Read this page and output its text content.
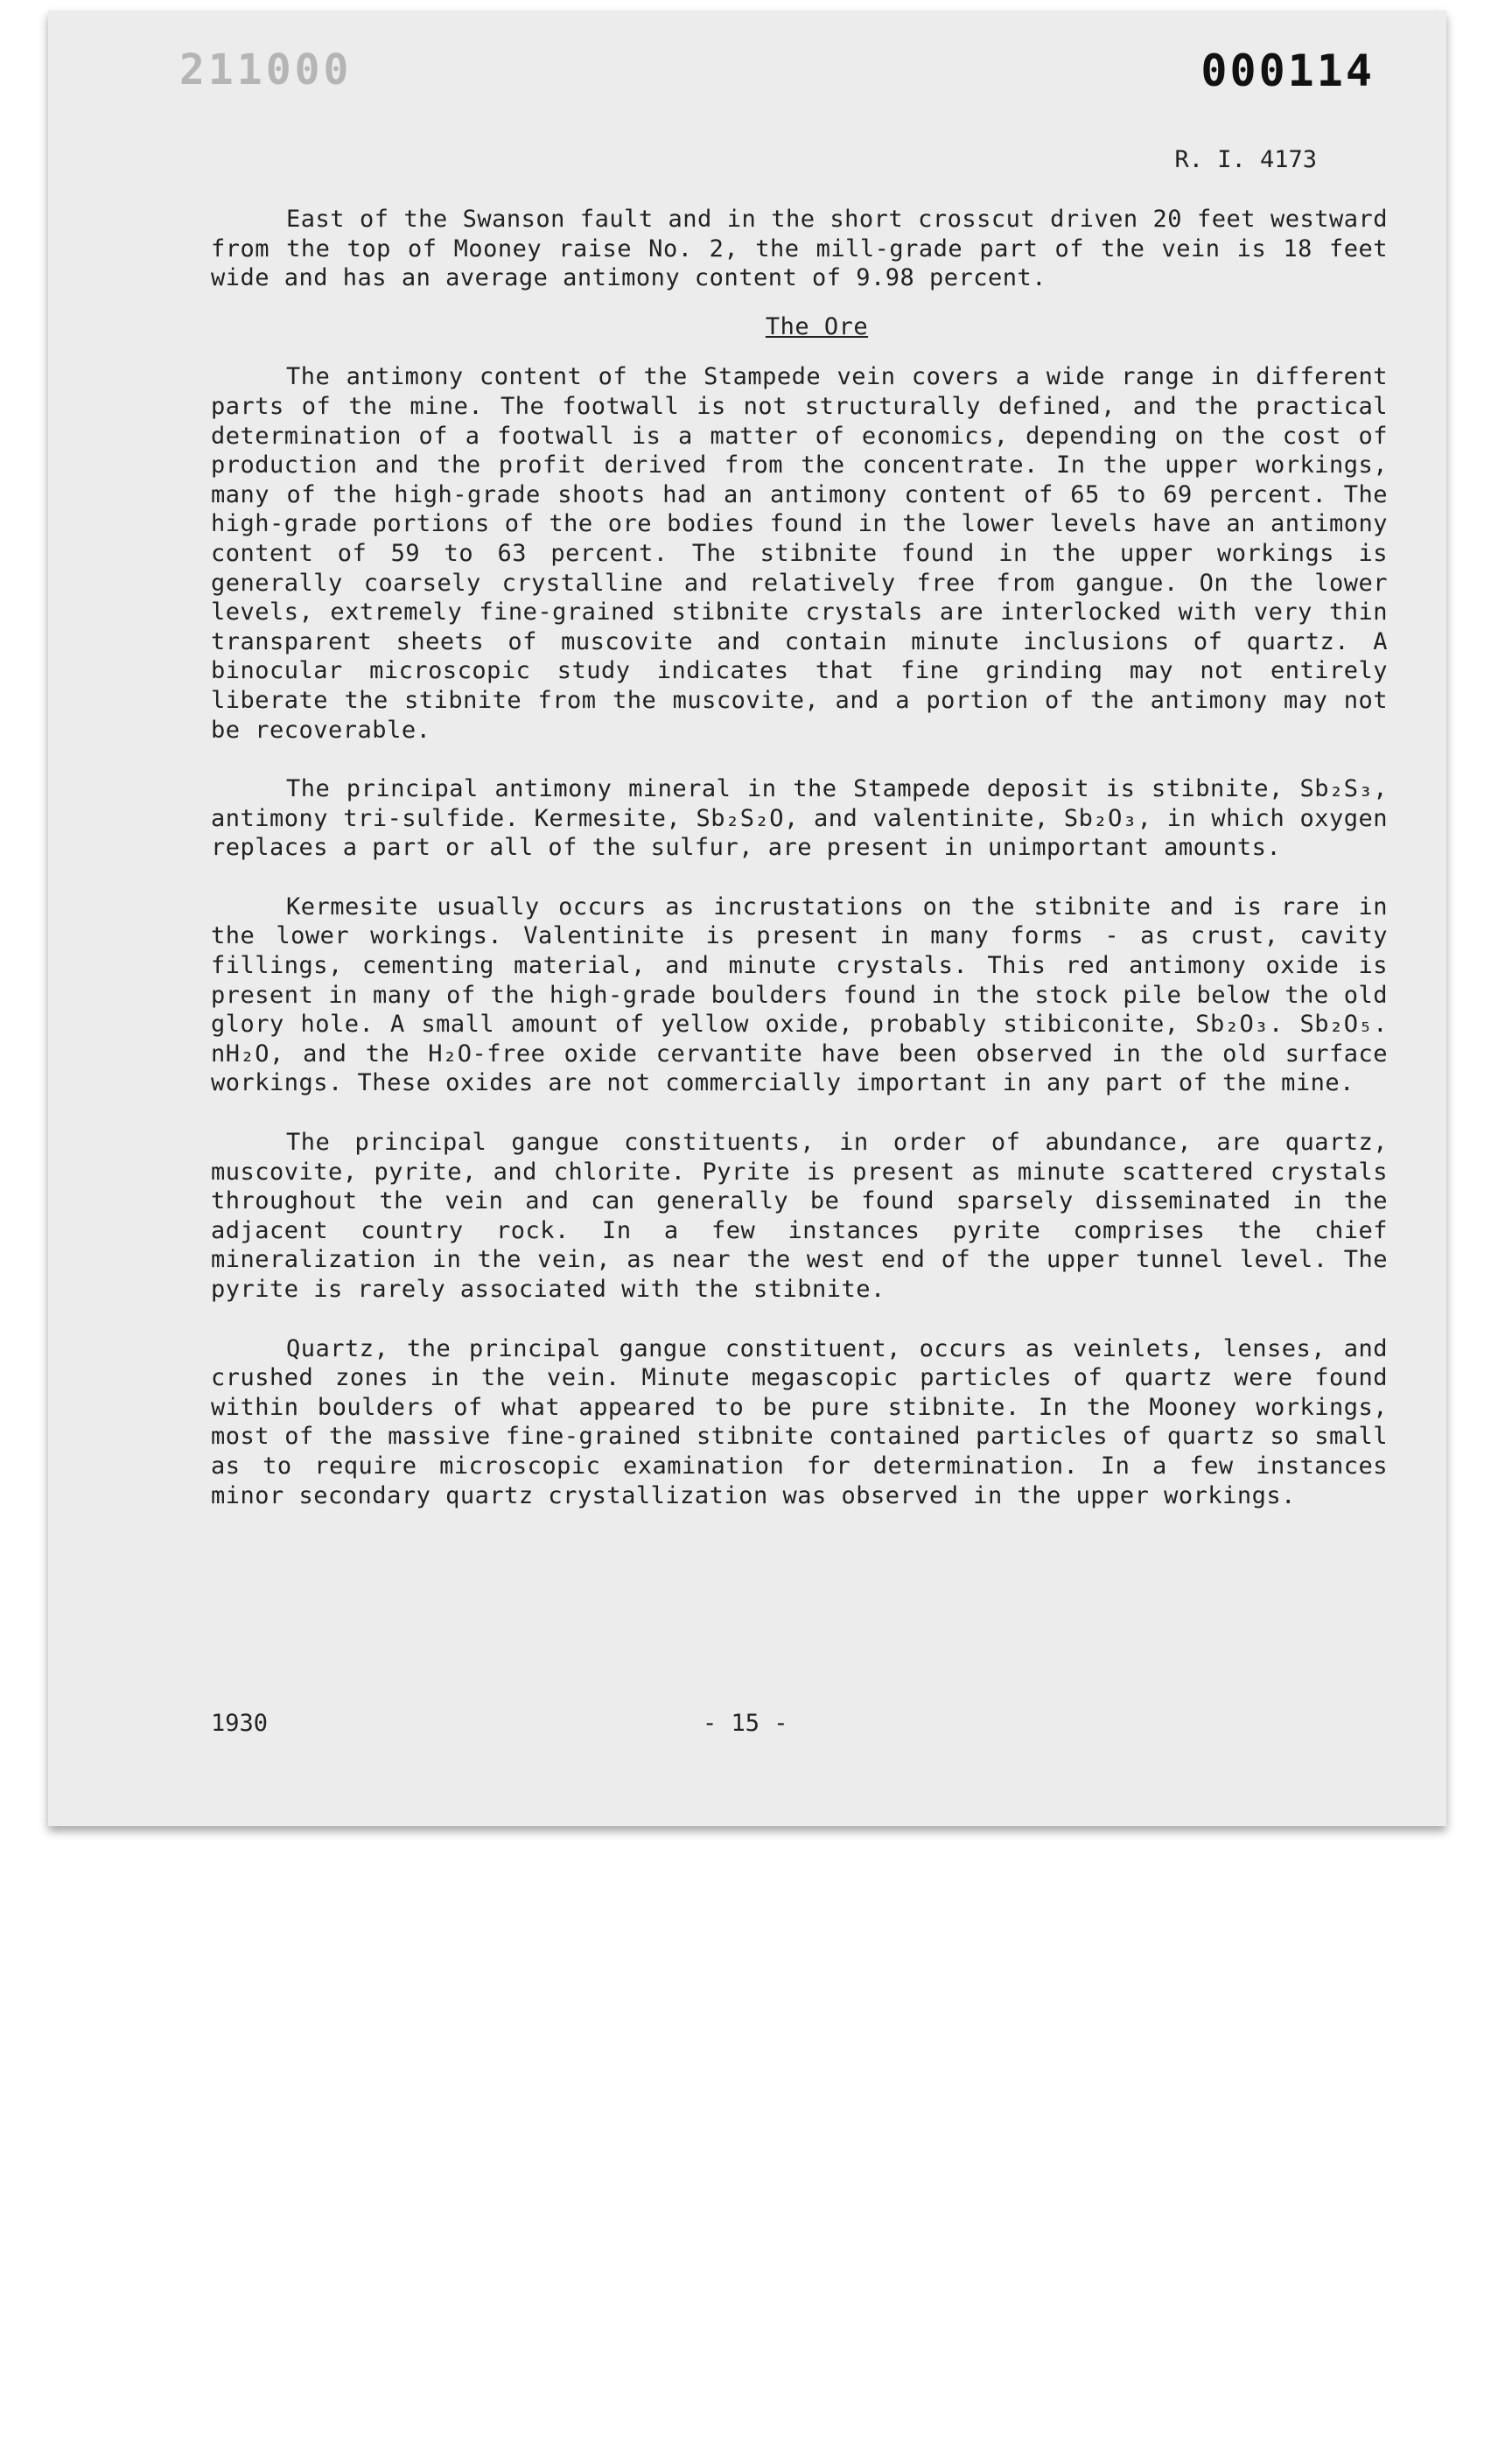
211000	000114
R. I. 4173

East of the Swanson fault and in the short crosscut driven 20 feet westward from the top of Mooney raise No. 2, the mill-grade part of the vein is 18 feet wide and has an average antimony content of 9.98 percent.

The Ore

The antimony content of the Stampede vein covers a wide range in different parts of the mine. The footwall is not structurally defined, and the practical determination of a footwall is a matter of economics, depending on the cost of production and the profit derived from the concentrate. In the upper workings, many of the high-grade shoots had an antimony content of 65 to 69 percent. The high-grade portions of the ore bodies found in the lower levels have an antimony content of 59 to 63 percent. The stibnite found in the upper workings is generally coarsely crystalline and relatively free from gangue. On the lower levels, extremely fine-grained stibnite crystals are interlocked with very thin transparent sheets of muscovite and contain minute inclusions of quartz. A binocular microscopic study indicates that fine grinding may not entirely liberate the stibnite from the muscovite, and a portion of the antimony may not be recoverable.

The principal antimony mineral in the Stampede deposit is stibnite, Sb₂S₃, antimony tri-sulfide. Kermesite, Sb₂S₂O, and valentinite, Sb₂O₃, in which oxygen replaces a part or all of the sulfur, are present in unimportant amounts.

Kermesite usually occurs as incrustations on the stibnite and is rare in the lower workings. Valentinite is present in many forms - as crust, cavity fillings, cementing material, and minute crystals. This red antimony oxide is present in many of the high-grade boulders found in the stock pile below the old glory hole. A small amount of yellow oxide, probably stibiconite, Sb₂O₃. Sb₂O₅. nH₂O, and the H₂O-free oxide cervantite have been observed in the old surface workings. These oxides are not commercially important in any part of the mine.

The principal gangue constituents, in order of abundance, are quartz, muscovite, pyrite, and chlorite. Pyrite is present as minute scattered crystals throughout the vein and can generally be found sparsely disseminated in the adjacent country rock. In a few instances pyrite comprises the chief mineralization in the vein, as near the west end of the upper tunnel level. The pyrite is rarely associated with the stibnite.

Quartz, the principal gangue constituent, occurs as veinlets, lenses, and crushed zones in the vein. Minute megascopic particles of quartz were found within boulders of what appeared to be pure stibnite. In the Mooney workings, most of the massive fine-grained stibnite contained particles of quartz so small as to require microscopic examination for determination. In a few instances minor secondary quartz crystallization was observed in the upper workings.

1930	- 15 -
